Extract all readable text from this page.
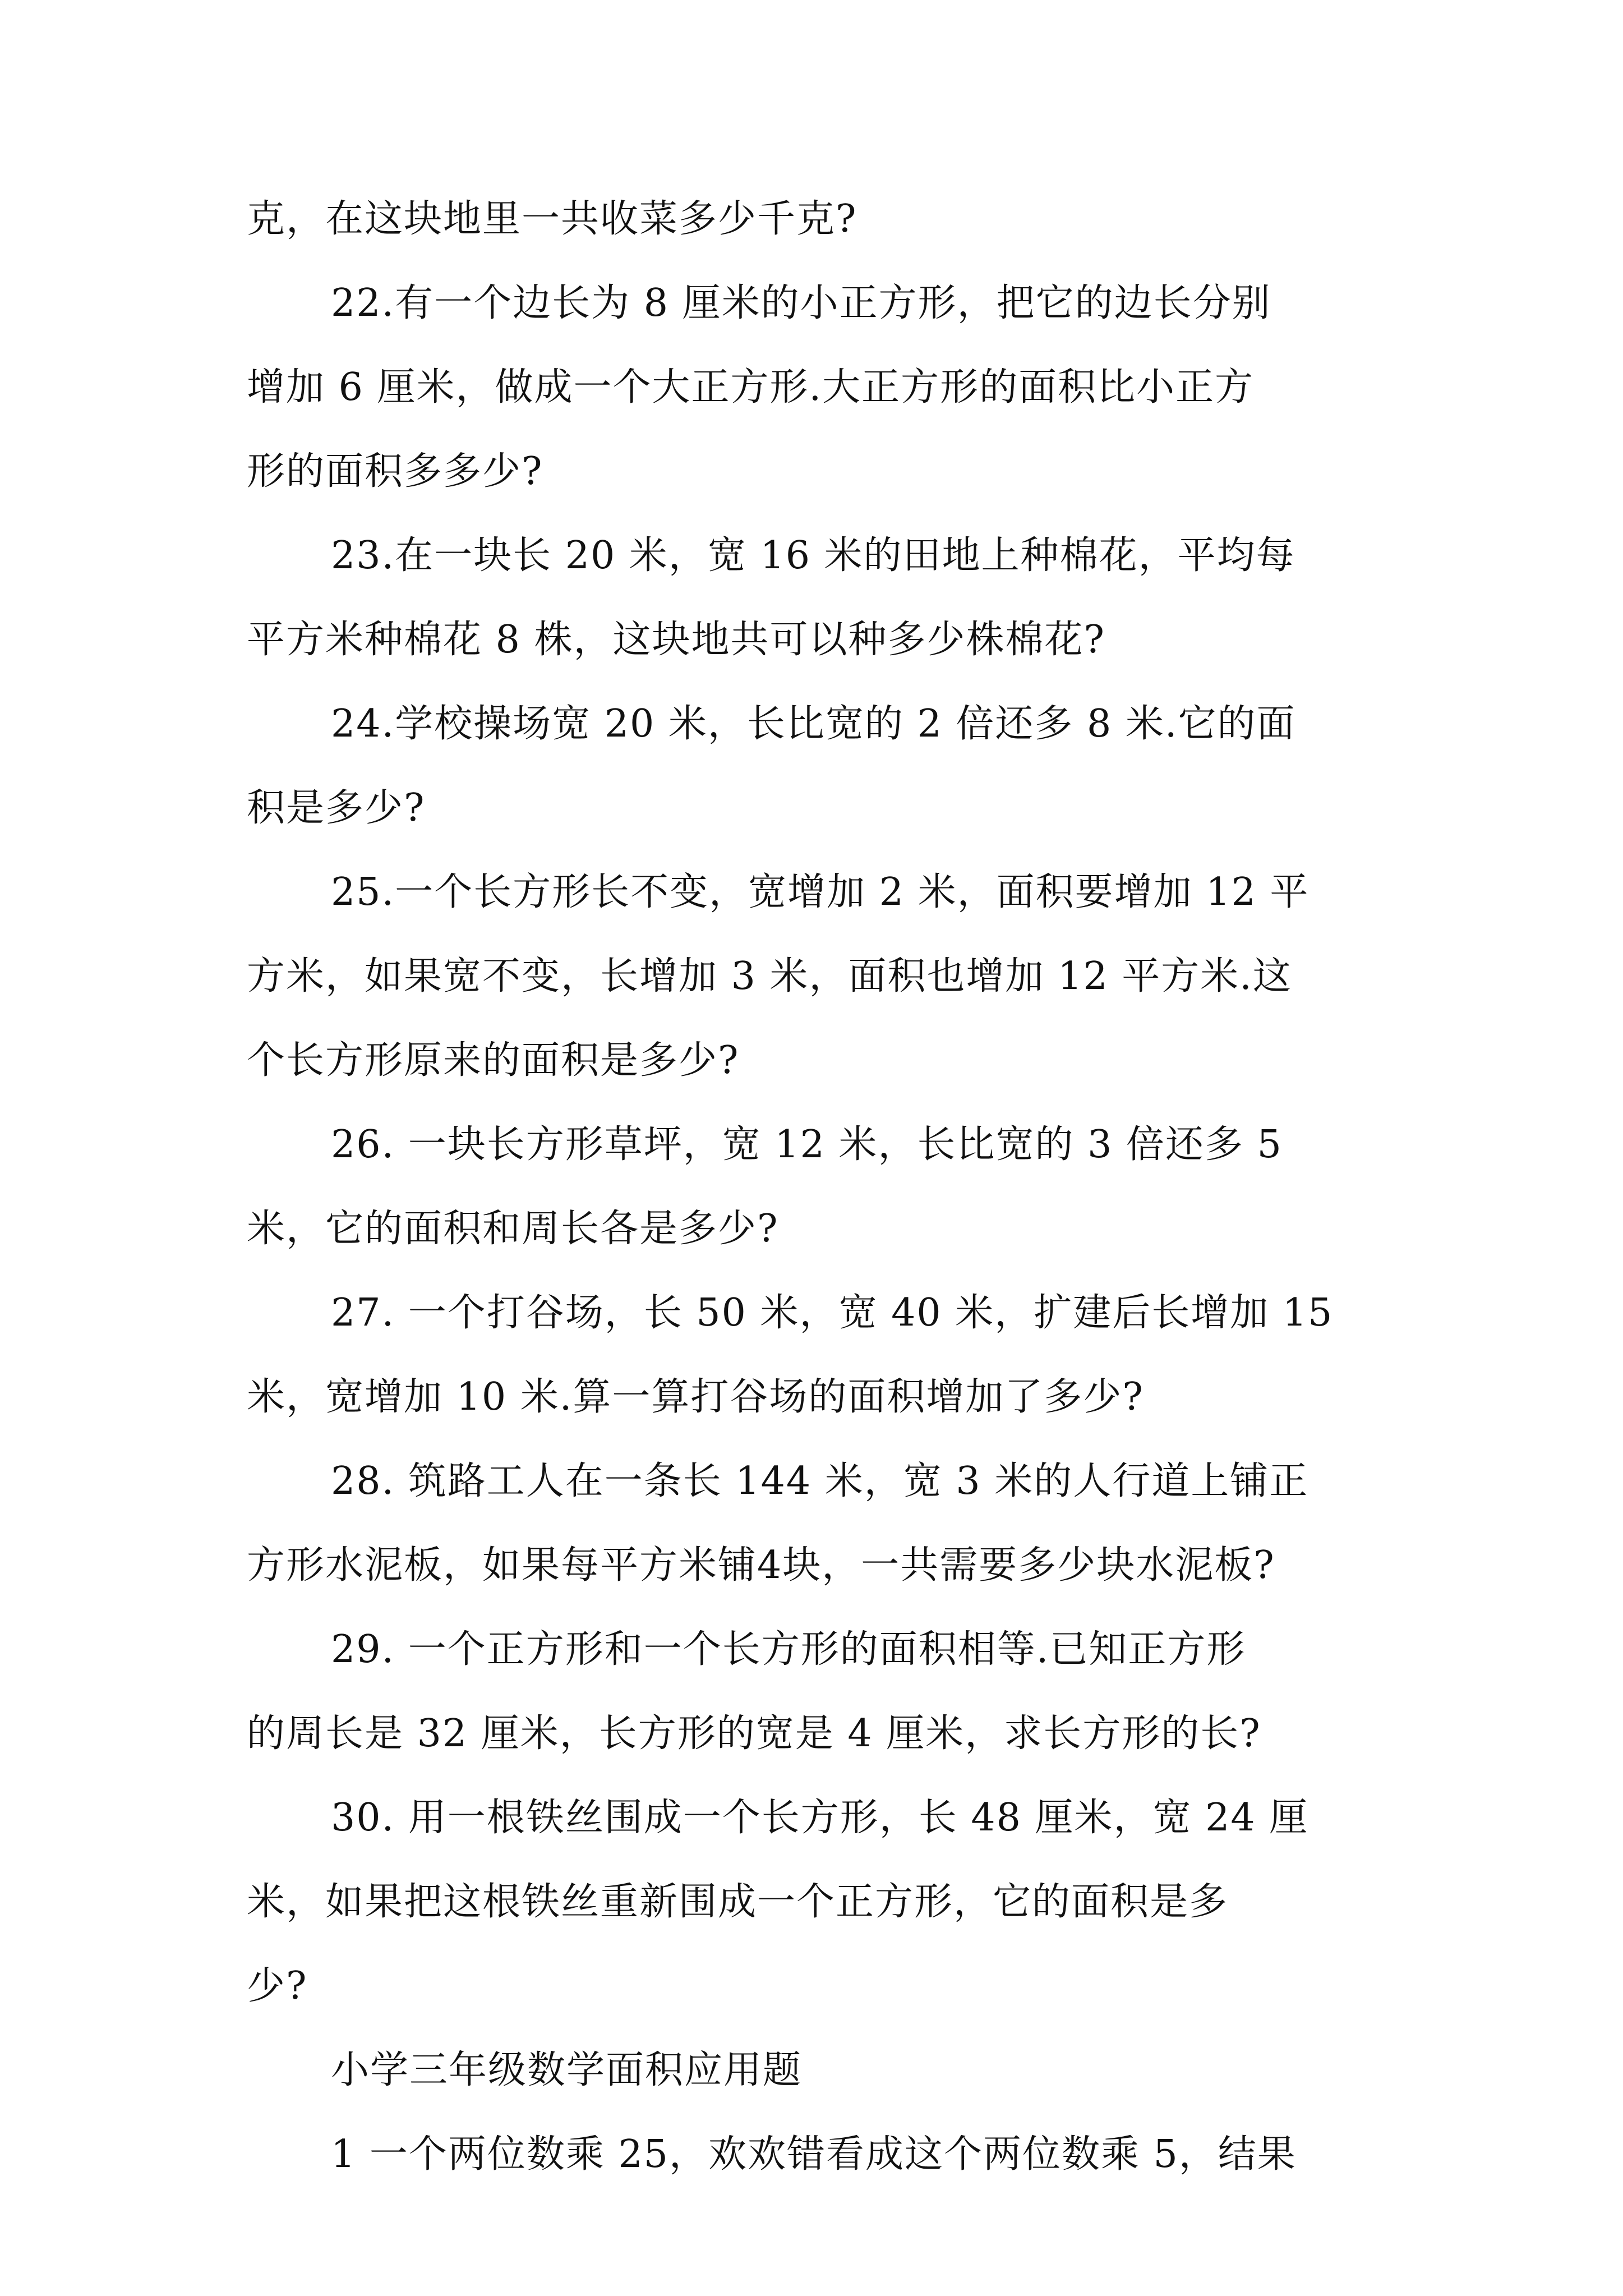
克，在这块地里一共收菜多少千克?
22.有一个边长为 8 厘米的小正方形，把它的边长分别
增加 6 厘米，做成一个大正方形.大正方形的面积比小正方
形的面积多多少?
23.在一块长 20 米，宽 16 米的田地上种棉花，平均每
平方米种棉花 8 株，这块地共可以种多少株棉花?
24.学校操场宽 20 米，长比宽的 2 倍还多 8 米.它的面
积是多少?
25.一个长方形长不变，宽增加 2 米，面积要增加 12 平
方米，如果宽不变，长增加 3 米，面积也增加 12 平方米.这
个长方形原来的面积是多少?
26. 一块长方形草坪，宽 12 米，长比宽的 3 倍还多 5
米，它的面积和周长各是多少?
27. 一个打谷场，长 50 米，宽 40 米，扩建后长增加 15
米，宽增加 10 米.算一算打谷场的面积增加了多少?
28. 筑路工人在一条长 144 米，宽 3 米的人行道上铺正
方形水泥板，如果每平方米铺4块，一共需要多少块水泥板?
29. 一个正方形和一个长方形的面积相等.已知正方形
的周长是 32 厘米，长方形的宽是 4 厘米，求长方形的长?
30. 用一根铁丝围成一个长方形，长 48 厘米，宽 24 厘
米，如果把这根铁丝重新围成一个正方形，它的面积是多
少?
小学三年级数学面积应用题
1 一个两位数乘 25，欢欢错看成这个两位数乘 5，结果
